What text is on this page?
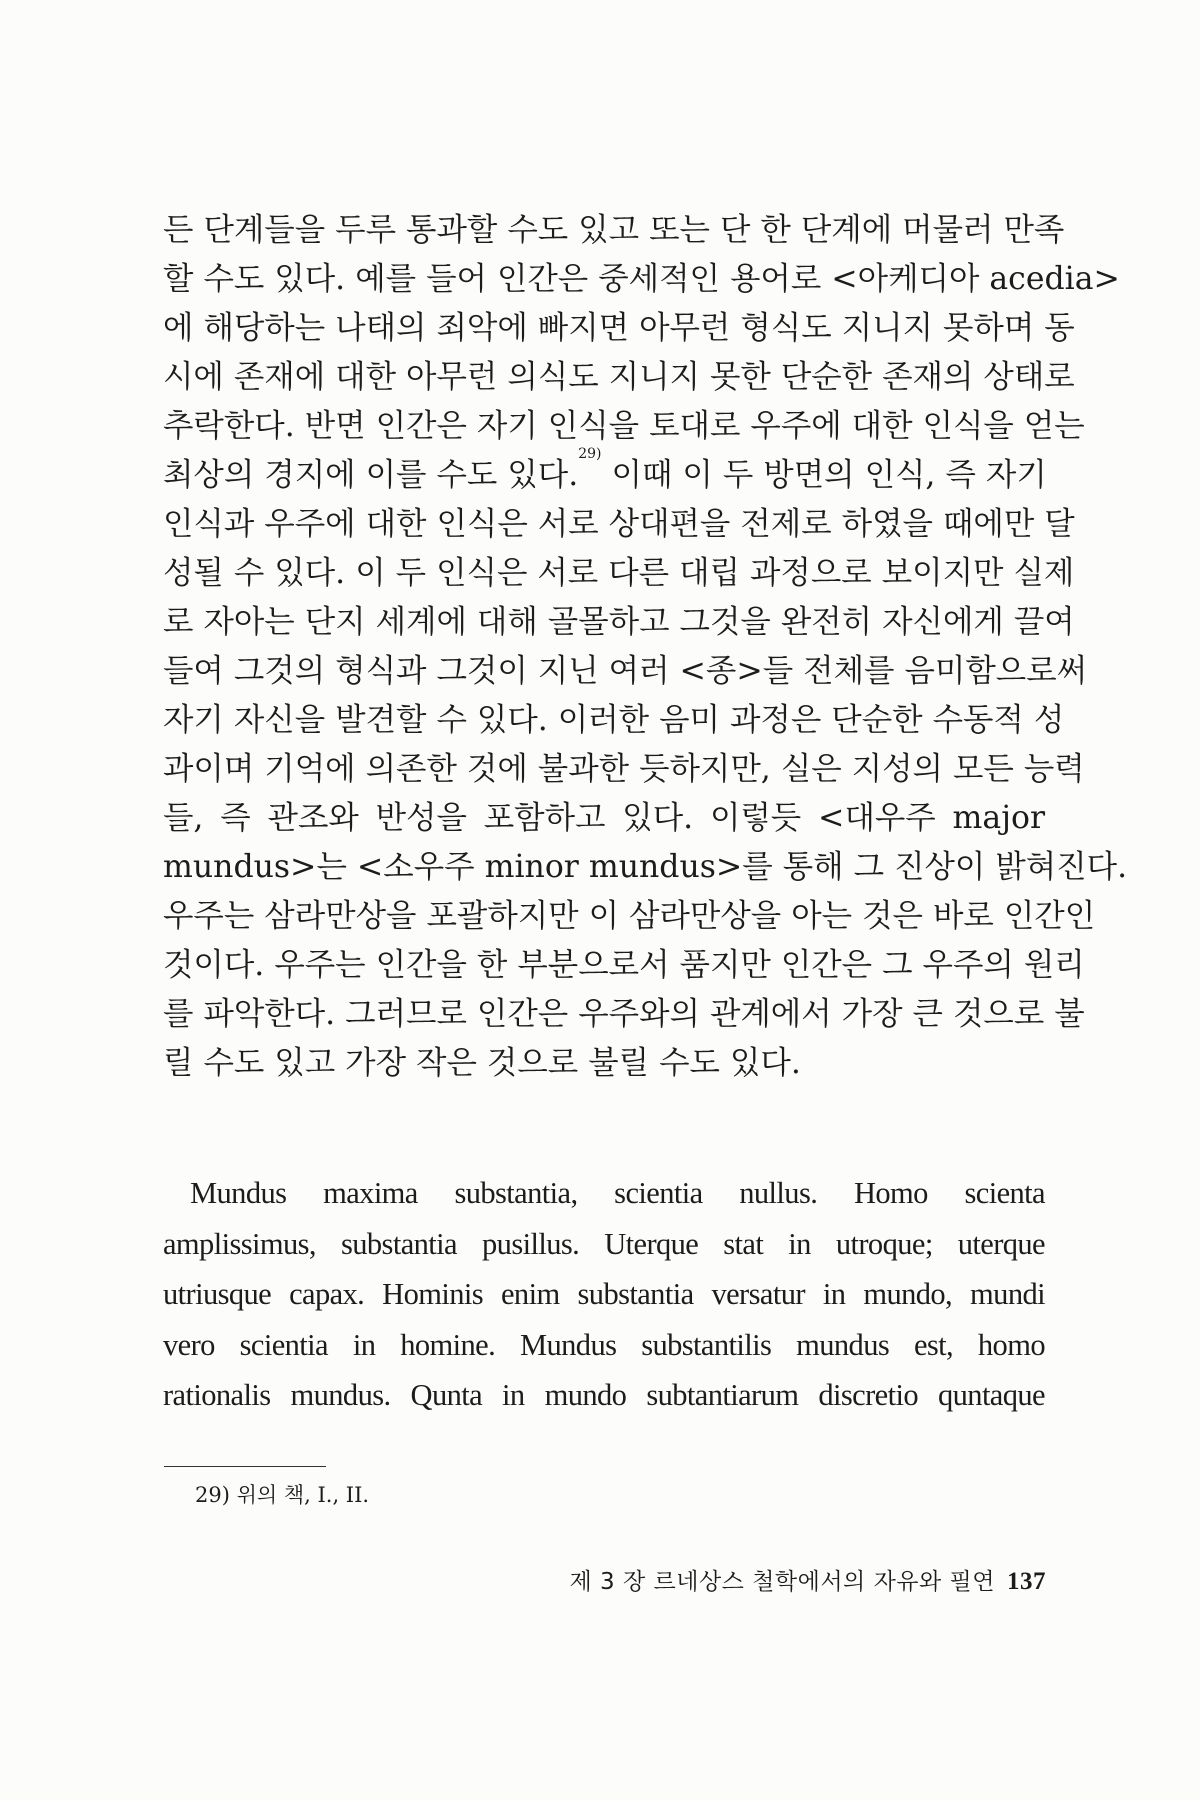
든 단계들을 두루 통과할 수도 있고 또는 단 한 단계에 머물러 만족
할 수도 있다. 예를 들어 인간은 중세적인 용어로 <아케디아 acedia>
에 해당하는 나태의 죄악에 빠지면 아무런 형식도 지니지 못하며 동
시에 존재에 대한 아무런 의식도 지니지 못한 단순한 존재의 상태로
추락한다. 반면 인간은 자기 인식을 토대로 우주에 대한 인식을 얻는
최상의 경지에 이를 수도 있다.$^{29)}$ 이때 이 두 방면의 인식, 즉 자기
인식과 우주에 대한 인식은 서로 상대편을 전제로 하였을 때에만 달
성될 수 있다. 이 두 인식은 서로 다른 대립 과정으로 보이지만 실제
로 자아는 단지 세계에 대해 골몰하고 그것을 완전히 자신에게 끌여
들여 그것의 형식과 그것이 지닌 여러 <종>들 전체를 음미함으로써
자기 자신을 발견할 수 있다. 이러한 음미 과정은 단순한 수동적 성
과이며 기억에 의존한 것에 불과한 듯하지만, 실은 지성의 모든 능력
들, 즉 관조와 반성을 포함하고 있다. 이렇듯 <대우주 major
mundus>는 <소우주 minor mundus>를 통해 그 진상이 밝혀진다.
우주는 삼라만상을 포괄하지만 이 삼라만상을 아는 것은 바로 인간인
것이다. 우주는 인간을 한 부분으로서 품지만 인간은 그 우주의 원리
를 파악한다. 그러므로 인간은 우주와의 관계에서 가장 큰 것으로 불
릴 수도 있고 가장 작은 것으로 불릴 수도 있다.
Mundus maxima substantia, scientia nullus. Homo scienta
amplissimus, substantia pusillus. Uterque stat in utroque; uterque
utriusque capax. Hominis enim substantia versatur in mundo, mundi
vero scientia in homine. Mundus substantilis mundus est, homo
rationalis mundus. Qunta in mundo subtantiarum discretio quntaque
29) 위의 책, I., II.
제 3 장 르네상스 철학에서의 자유와 필연 137
